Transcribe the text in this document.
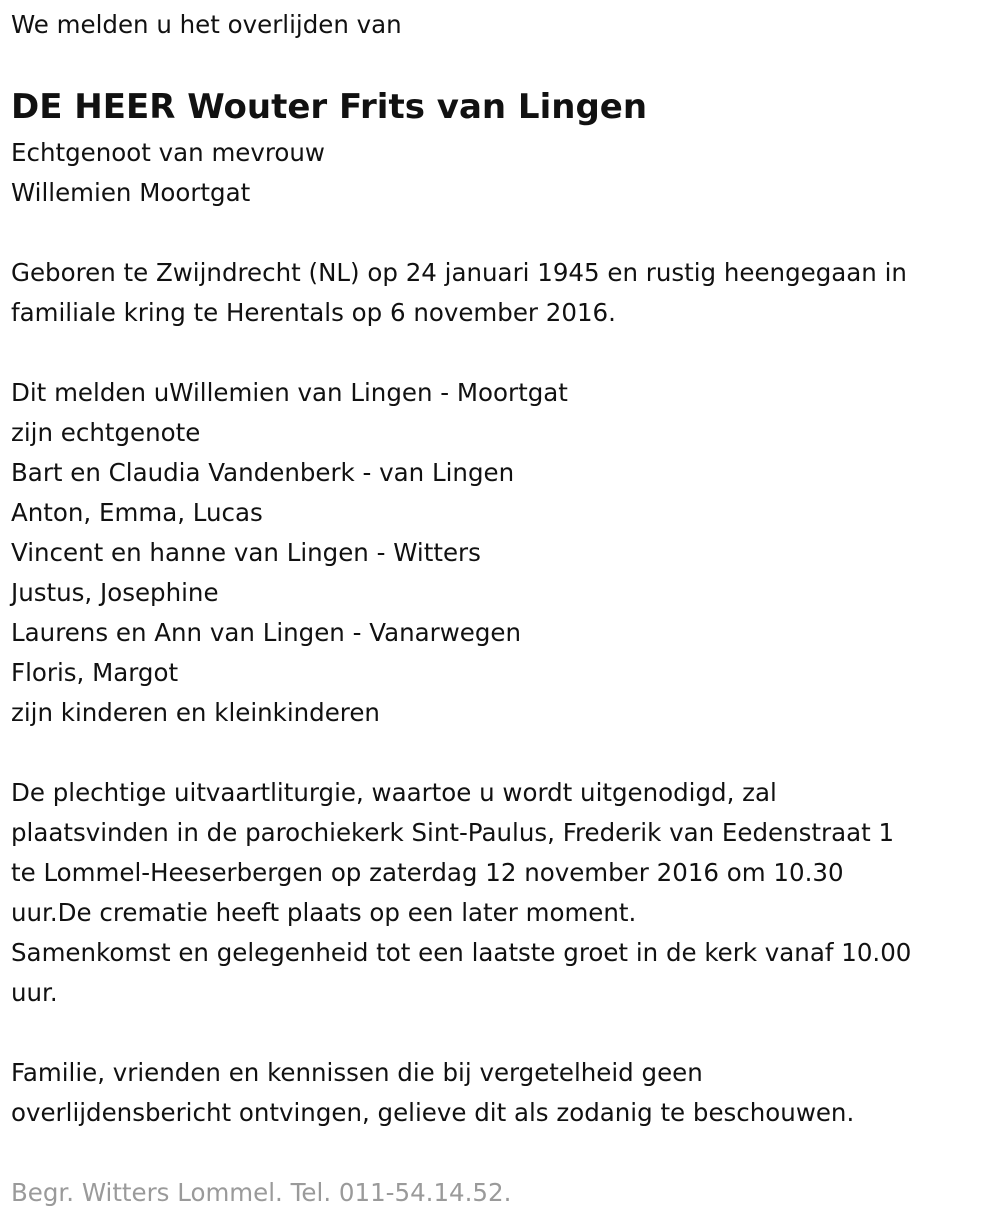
We melden u het overlijden van
DE HEER Wouter Frits van Lingen
Echtgenoot van mevrouw
Willemien Moortgat
Geboren te Zwijndrecht (NL) op 24 januari 1945 en rustig heengegaan in
familiale kring te Herentals op 6 november 2016.
Dit melden uWillemien van Lingen - Moortgat
zijn echtgenote
Bart en Claudia Vandenberk - van Lingen
Anton, Emma, Lucas
Vincent en hanne van Lingen - Witters
Justus, Josephine
Laurens en Ann van Lingen - Vanarwegen
Floris, Margot
zijn kinderen en kleinkinderen
De plechtige uitvaartliturgie, waartoe u wordt uitgenodigd, zal
plaatsvinden in de parochiekerk Sint-Paulus, Frederik van Eedenstraat 1
te Lommel-Heeserbergen op zaterdag 12 november 2016 om 10.30
uur.De crematie heeft plaats op een later moment.
Samenkomst en gelegenheid tot een laatste groet in de kerk vanaf 10.00
uur.
Familie, vrienden en kennissen die bij vergetelheid geen
overlijdensbericht ontvingen, gelieve dit als zodanig te beschouwen.
Begr. Witters Lommel. Tel. 011-54.14.52.
